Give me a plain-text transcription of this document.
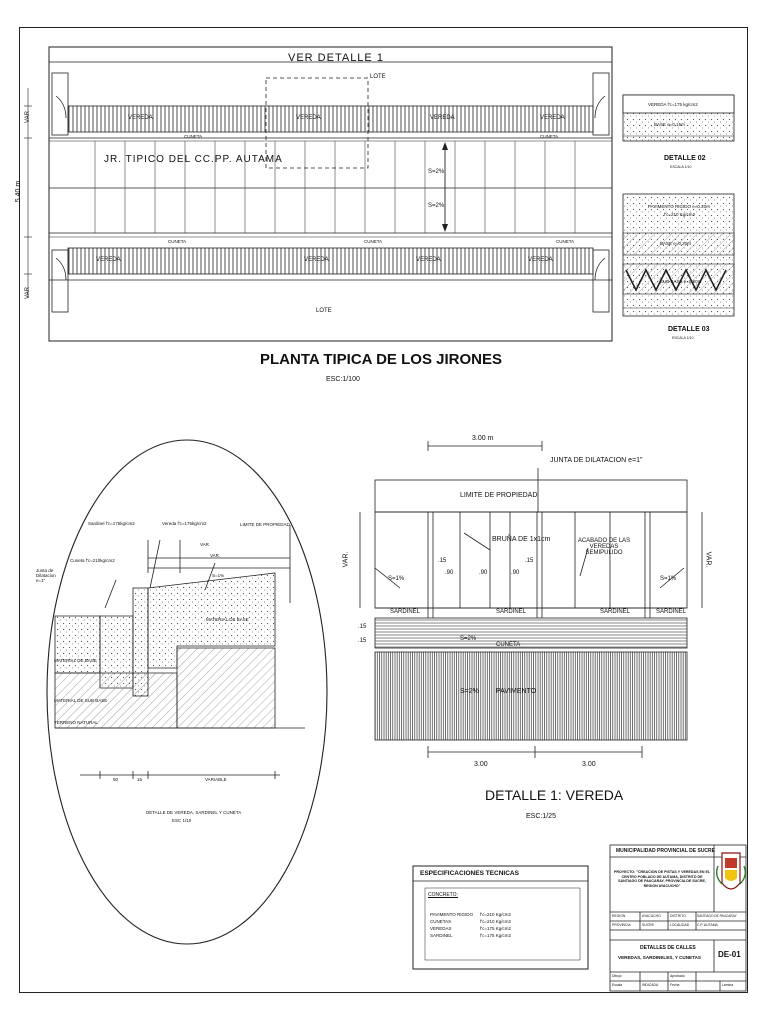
VER DETALLE 1
LOTE
JR. TIPICO DEL CC.PP. AUTAMA
VEREDA	VEREDA	VEREDA	VEREDA
CUNETA	CUNETA
CUNETA	CUNETA	CUNETA
VEREDA	VEREDA	VEREDA	VEREDA
S=2%
S=2%
LOTE
5.40 m
VAR
VAR
PLANTA TIPICA DE LOS JIRONES
ESC:1/100
VEREDA f'c=175 kg/cm2
BASE e=0.15m
DETALLE 02
ESCALA 1/10
PAVIMENTO RIGIDO e=0.20m
f'c=210 Kg/cm2
BASE e=0.20m
SUB BASE e=0.20m
DETALLE 03
ESCALA 1/10
Sardinel f'c=175kg/cm2	Vereda f'c=175kg/cm2	LIMITE DE PROPIEDAD
Cuneta f'c=210kg/cm2
Junta de Dilatacion e=1"
VAR.
VAR.
S=1%
MATERIAL DE BASE
MATERIAL DE BASE
MATERIAL DE SUB BASE
TERRENO NATURAL
50	15	VARIABLE
DETALLE DE VEREDA, SARDINEL Y CUNETA
ESC 1/10
3.00 m
JUNTA DE DILATACION e=1"
LIMITE DE PROPIEDAD
BRUÑA DE 1x1cm	ACABADO DE LAS VEREDAS SEMIPULIDO
VAR.	VAR.
S=1%	S=1%
.15
.90	.90	.90
.15
SARDINEL	SARDINEL	SARDINEL	SARDINEL
S=2%
CUNETA
S=2% PAVIMENTO
.15
.15
3.00	3.00
DETALLE 1: VEREDA
ESC:1/25
ESPECIFICACIONES TECNICAS
CONCRETO:
PAVIMENTO RIGIDO f'c=210 Kg/cm2
CUNETAS	f'c=210 Kg/cm2
VEREDAS	f'c=175 Kg/cm2
SARDINEL	f'c=175 Kg/cm2
MUNICIPALIDAD PROVINCIAL DE SUCRE
PROYECTO: "CREACION DE PISTAS Y VEREDAS EN EL CENTRO POBLADO DE AUTAMA, DISTRITO DE SANTIAGO DE PAUCARAY, PROVINCIA DE SUCRE, REGION AYACUCHO"
REGION	AYACUCHO	DISTRITO	SANTIAGO DE PAUCARAY
PROVINCIA	SUCRE	LOCALIDAD C.P. AUTAMA
DETALLES DE CALLES
VEREDAS, SARDINELES, Y CUNETAS DE-01
Dibujo	Aprobado
Escala	INDICADA	Fecha	Lamina
